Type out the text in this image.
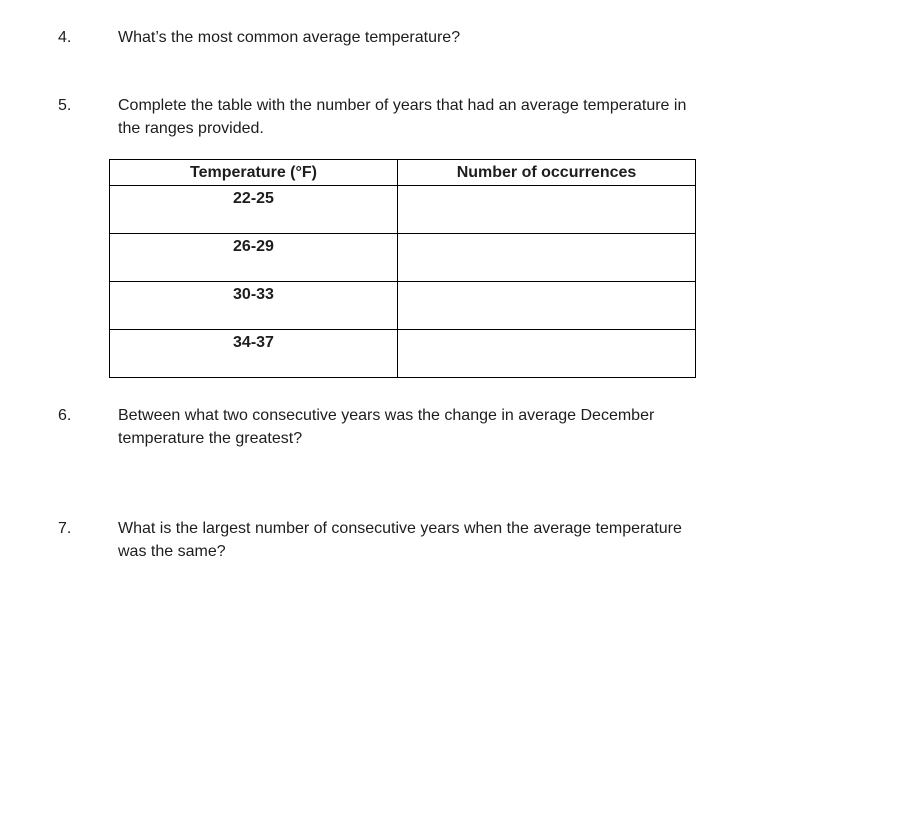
4.	What’s the most common average temperature?
5.	Complete the table with the number of years that had an average temperature in
the ranges provided.
Temperature (°F)	Number of occurrences
22-25	
26-29	
30-33	
34-37	
6.	Between what two consecutive years was the change in average December
temperature the greatest?
7.	What is the largest number of consecutive years when the average temperature
was the same?
